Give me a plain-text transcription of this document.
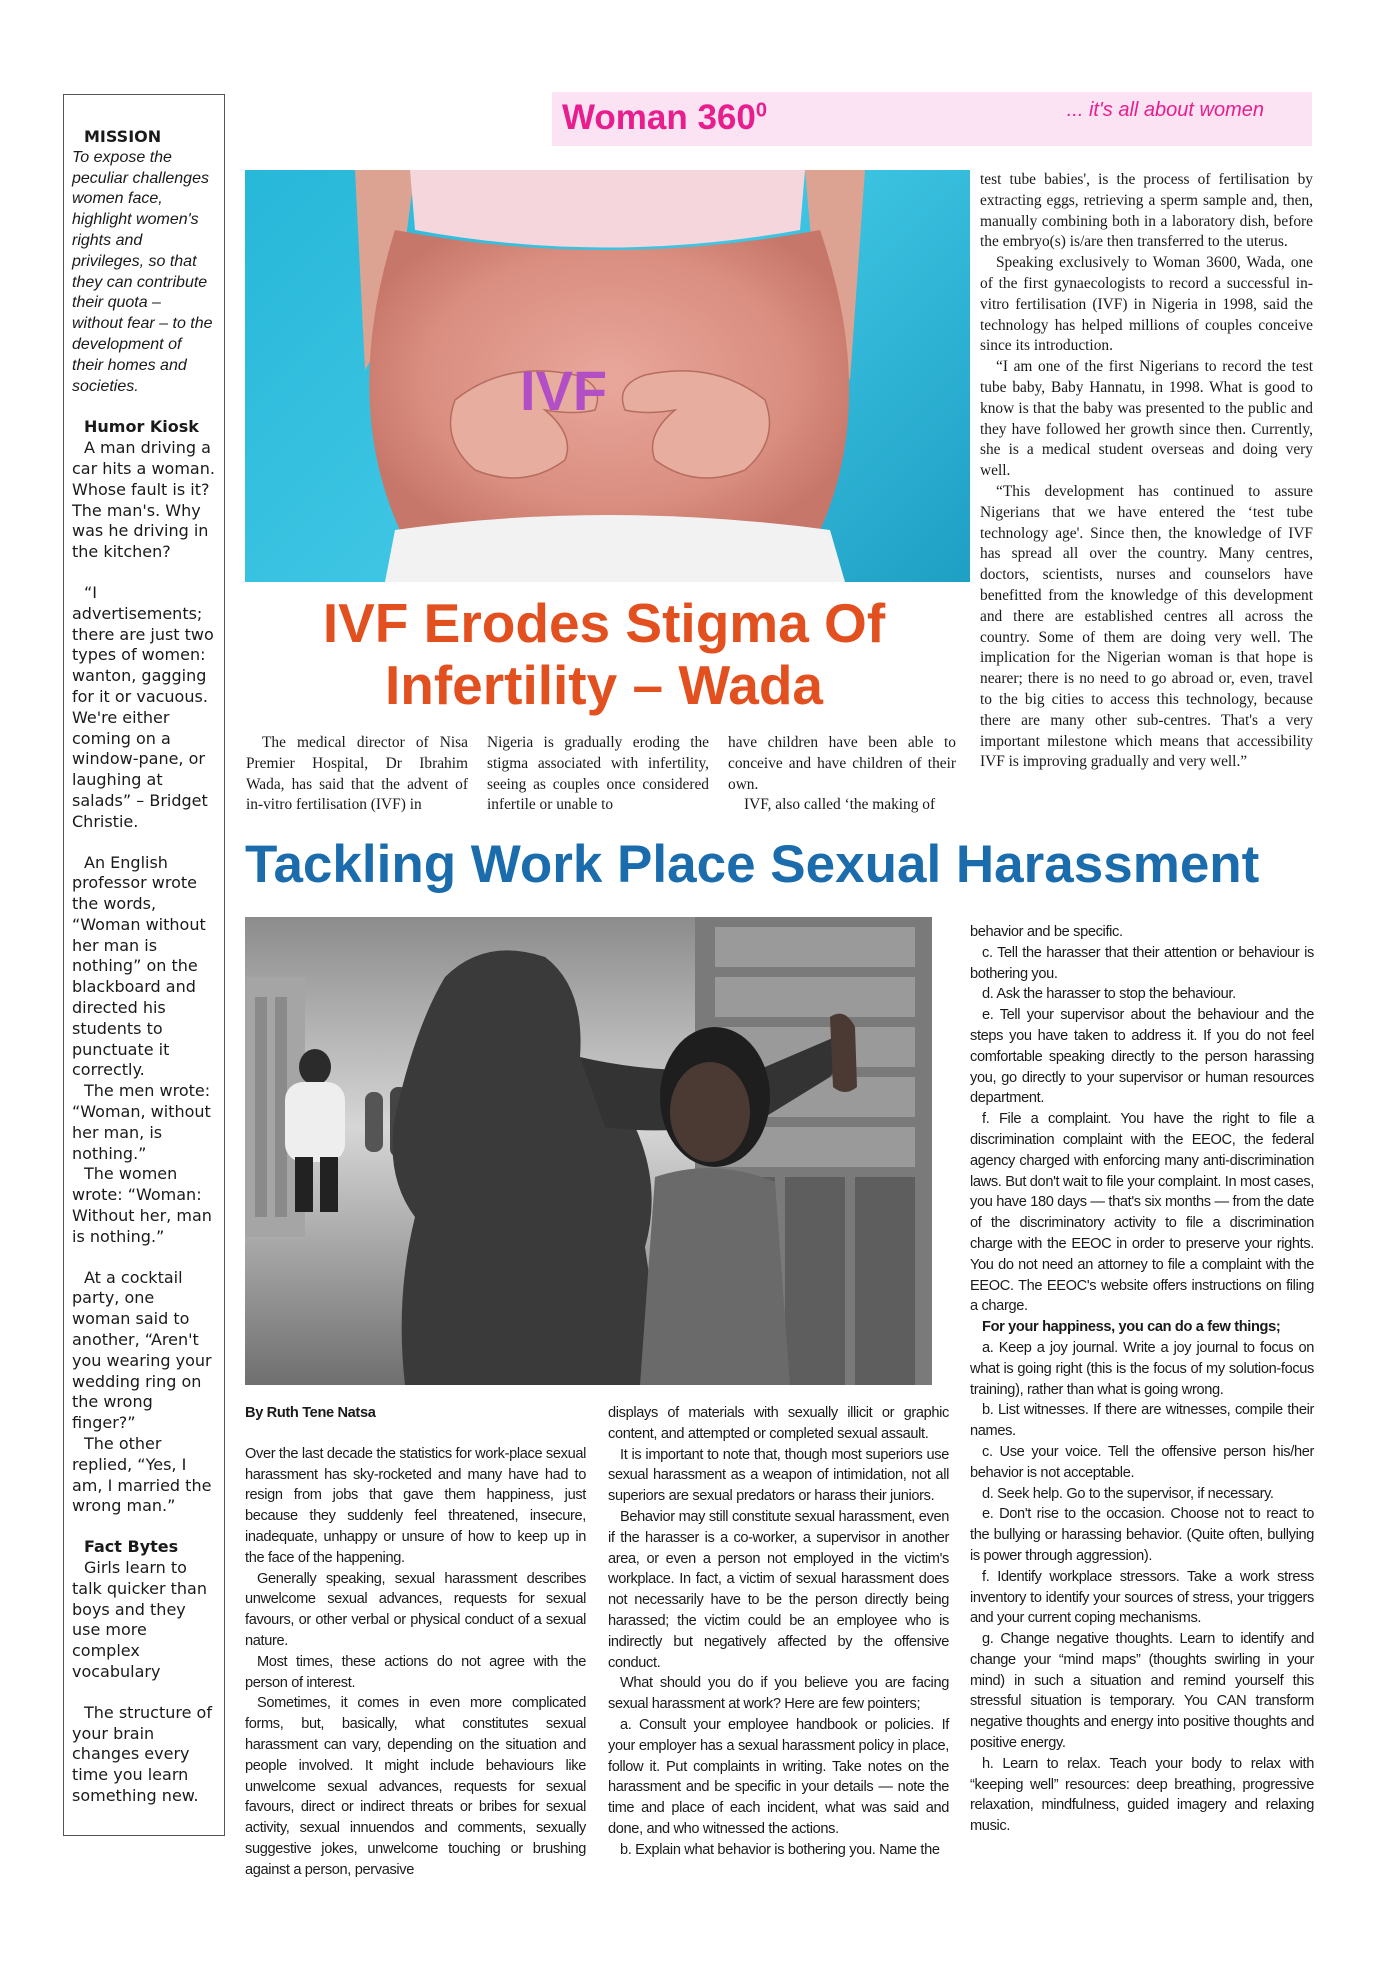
MISSION
To expose the peculiar challenges women face, highlight women's rights and privileges, so that they can contribute their quota – without fear – to the development of their homes and societies.
Humor Kiosk

A man driving a car hits a woman. Whose fault is it? The man's. Why was he driving in the kitchen?

“I advertisements; there are just two types of women: wanton, gagging for it or vacuous. We're either coming on a window-pane, or laughing at salads” – Bridget Christie.

An English professor wrote the words, “Woman without her man is nothing” on the blackboard and directed his students to punctuate it correctly.

The men wrote: “Woman, without her man, is nothing.”

The women wrote: “Woman: Without her, man is nothing.”

At a cocktail party, one woman said to another, “Aren't you wearing your wedding ring on the wrong finger?”

The other replied, “Yes, I am, I married the wrong man.”

Fact Bytes

Girls learn to talk quicker than boys and they use more complex vocabulary

The structure of your brain changes every time you learn something new.

Woman $360^0$	... it's all about women
IVF
IVF Erodes Stigma Of Infertility – Wada

The medical director of Nisa Premier Hospital, Dr Ibrahim Wada, has said that the advent of in-vitro fertilisation (IVF) in

Nigeria is gradually eroding the stigma associated with infertility, seeing as couples once considered infertile or unable to

have children have been able to conceive and have children of their own.

IVF, also called ‘the making of

test tube babies', is the process of fertilisation by extracting eggs, retrieving a sperm sample and, then, manually combining both in a laboratory dish, before the embryo(s) is/are then transferred to the uterus.

Speaking exclusively to Woman 3600, Wada, one of the first gynaecologists to record a successful in-vitro fertilisation (IVF) in Nigeria in 1998, said the technology has helped millions of couples conceive since its introduction.

“I am one of the first Nigerians to record the test tube baby, Baby Hannatu, in 1998. What is good to know is that the baby was presented to the public and they have followed her growth since then. Currently, she is a medical student overseas and doing very well.

“This development has continued to assure Nigerians that we have entered the ‘test tube technology age'. Since then, the knowledge of IVF has spread all over the country. Many centres, doctors, scientists, nurses and counselors have benefitted from the knowledge of this development and there are established centres all across the country. Some of them are doing very well. The implication for the Nigerian woman is that hope is nearer; there is no need to go abroad or, even, travel to the big cities to access this technology, because there are many other sub-centres. That's a very important milestone which means that accessibility IVF is improving gradually and very well.”

Tackling Work Place Sexual Harassment

By Ruth Tene Natsa

Over the last decade the statistics for work-place sexual harassment has sky-rocketed and many have had to resign from jobs that gave them happiness, just because they suddenly feel threatened, insecure, inadequate, unhappy or unsure of how to keep up in the face of the happening.

Generally speaking, sexual harassment describes unwelcome sexual advances, requests for sexual favours, or other verbal or physical conduct of a sexual nature.

Most times, these actions do not agree with the person of interest.

Sometimes, it comes in even more complicated forms, but, basically, what constitutes sexual harassment can vary, depending on the situation and people involved. It might include behaviours like unwelcome sexual advances, requests for sexual favours, direct or indirect threats or bribes for sexual activity, sexual innuendos and comments, sexually suggestive jokes, unwelcome touching or brushing against a person, pervasive

displays of materials with sexually illicit or graphic content, and attempted or completed sexual assault.

It is important to note that, though most superiors use sexual harassment as a weapon of intimidation, not all superiors are sexual predators or harass their juniors.

Behavior may still constitute sexual harassment, even if the harasser is a co-worker, a supervisor in another area, or even a person not employed in the victim's workplace. In fact, a victim of sexual harassment does not necessarily have to be the person directly being harassed; the victim could be an employee who is indirectly but negatively affected by the offensive conduct.

What should you do if you believe you are facing sexual harassment at work? Here are few pointers;

a. Consult your employee handbook or policies. If your employer has a sexual harassment policy in place, follow it. Put complaints in writing. Take notes on the harassment and be specific in your details — note the time and place of each incident, what was said and done, and who witnessed the actions.

b. Explain what behavior is bothering you. Name the

behavior and be specific.

c. Tell the harasser that their attention or behaviour is bothering you.

d. Ask the harasser to stop the behaviour.

e. Tell your supervisor about the behaviour and the steps you have taken to address it. If you do not feel comfortable speaking directly to the person harassing you, go directly to your supervisor or human resources department.

f. File a complaint. You have the right to file a discrimination complaint with the EEOC, the federal agency charged with enforcing many anti-discrimination laws. But don't wait to file your complaint. In most cases, you have 180 days — that's six months — from the date of the discriminatory activity to file a discrimination charge with the EEOC in order to preserve your rights. You do not need an attorney to file a complaint with the EEOC. The EEOC's website offers instructions on filing a charge.

For your happiness, you can do a few things;

a. Keep a joy journal. Write a joy journal to focus on what is going right (this is the focus of my solution-focus training), rather than what is going wrong.

b. List witnesses. If there are witnesses, compile their names.

c. Use your voice. Tell the offensive person his/her behavior is not acceptable.

d. Seek help. Go to the supervisor, if necessary.

e. Don't rise to the occasion. Choose not to react to the bullying or harassing behavior. (Quite often, bullying is power through aggression).

f. Identify workplace stressors. Take a work stress inventory to identify your sources of stress, your triggers and your current coping mechanisms.

g. Change negative thoughts. Learn to identify and change your “mind maps” (thoughts swirling in your mind) in such a situation and remind yourself this stressful situation is temporary. You CAN transform negative thoughts and energy into positive thoughts and positive energy.

h. Learn to relax. Teach your body to relax with “keeping well” resources: deep breathing, progressive relaxation, mindfulness, guided imagery and relaxing music.
